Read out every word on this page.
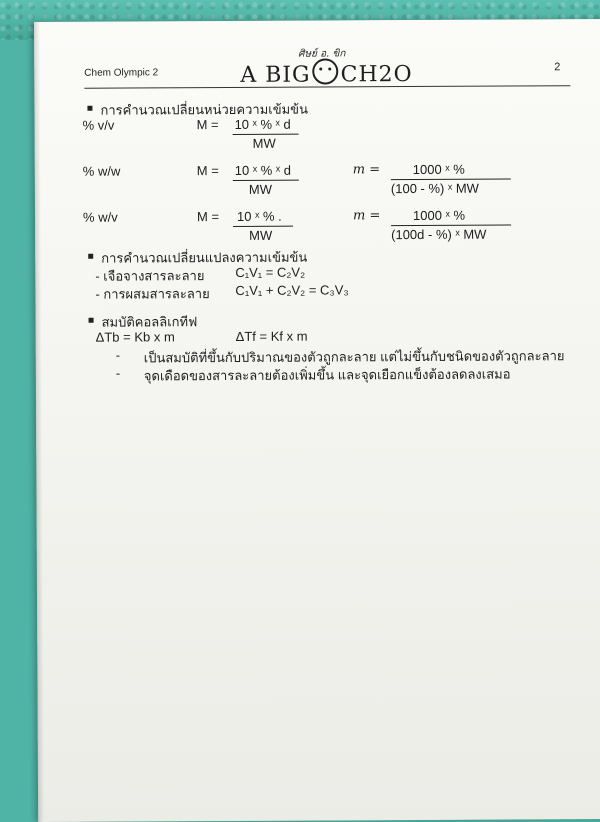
Chem Olympic 2
ศิษย์ อ. ขิก
A BIG CH2O	2
การคำนวณเปลี่ยนหน่วยความเข้มข้น
% v/v	M = 10 ˣ % ˣ d
MW
% w/w	M = 10 ˣ % ˣ d
MW
m =	1000 ˣ %
(100 - %) ˣ MW
% w/v	M = 10 ˣ % .
MW
m =	1000 ˣ %
(100d - %) ˣ MW
การคำนวณเปลี่ยนแปลงความเข้มข้น
- เจือจางสารละลาย C₁V₁ = C₂V₂
- การผสมสารละลาย C₁V₁ + C₂V₂ = C₃V₃
สมบัติคอลลิเกทีฟ
ΔTb = Kb x m	ΔTf = Kf x m
- เป็นสมบัติที่ขึ้นกับปริมาณของตัวถูกละลาย แต่ไม่ขึ้นกับชนิดของตัวถูกละลาย
- จุดเดือดของสารละลายต้องเพิ่มขึ้น และจุดเยือกแข็งต้องลดลงเสมอ
